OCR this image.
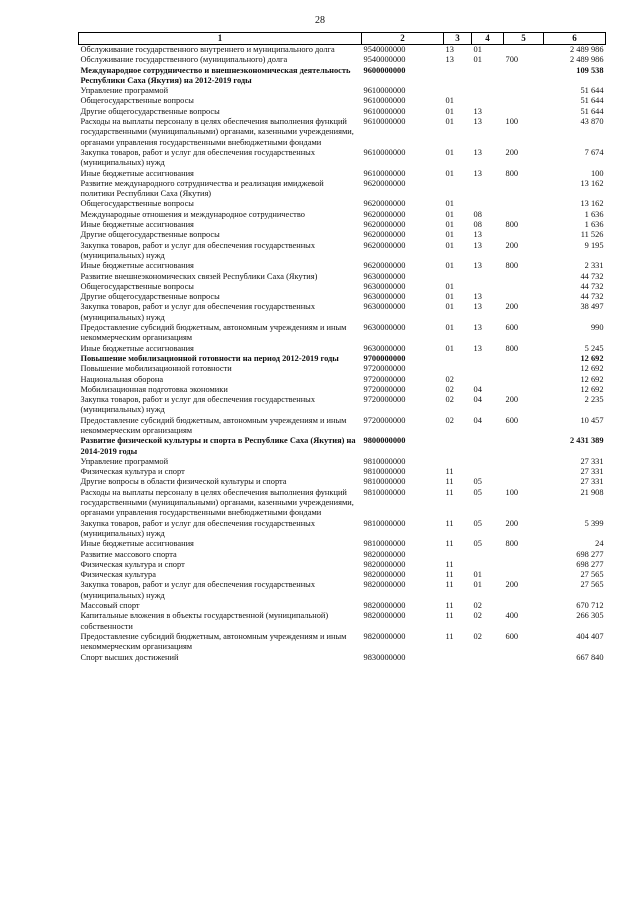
28
1	2	3	4	5	6
Обслуживание государственного внутреннего и муниципального долга	9540000000	13	01		2 489 986
Обслуживание государственного (муниципального) долга	9540000000	13	01	700	2 489 986
Международное сотрудничество и внешнеэкономическая деятельность Республики Саха (Якутия) на 2012-2019 годы	9600000000				109 538
Управление программой	9610000000				51 644
Общегосударственные вопросы	9610000000	01			51 644
Другие общегосударственные вопросы	9610000000	01	13		51 644
Расходы на выплаты персоналу в целях обеспечения выполнения функций государственными (муниципальными) органами, казенными учреждениями, органами управления государственными внебюджетными фондами	9610000000	01	13	100	43 870
Закупка товаров, работ и услуг для обеспечения государственных (муниципальных) нужд	9610000000	01	13	200	7 674
Иные бюджетные ассигнования	9610000000	01	13	800	100
Развитие международного сотрудничества и реализация имиджевой политики Республики Саха (Якутия)	9620000000				13 162
Общегосударственные вопросы	9620000000	01			13 162
Международные отношения и международное сотрудничество	9620000000	01	08		1 636
Иные бюджетные ассигнования	9620000000	01	08	800	1 636
Другие общегосударственные вопросы	9620000000	01	13		11 526
Закупка товаров, работ и услуг для обеспечения государственных (муниципальных) нужд	9620000000	01	13	200	9 195
Иные бюджетные ассигнования	9620000000	01	13	800	2 331
Развитие внешнеэкономических связей Республики Саха (Якутия)	9630000000				44 732
Общегосударственные вопросы	9630000000	01			44 732
Другие общегосударственные вопросы	9630000000	01	13		44 732
Закупка товаров, работ и услуг для обеспечения государственных (муниципальных) нужд	9630000000	01	13	200	38 497
Предоставление субсидий бюджетным, автономным учреждениям и иным некоммерческим организациям	9630000000	01	13	600	990
Иные бюджетные ассигнования	9630000000	01	13	800	5 245
Повышение мобилизационной готовности на период 2012-2019 годы	9700000000				12 692
Повышение мобилизационной готовности	9720000000				12 692
Национальная оборона	9720000000	02			12 692
Мобилизационная подготовка экономики	9720000000	02	04		12 692
Закупка товаров, работ и услуг для обеспечения государственных (муниципальных) нужд	9720000000	02	04	200	2 235
Предоставление субсидий бюджетным, автономным учреждениям и иным некоммерческим организациям	9720000000	02	04	600	10 457
Развитие физической культуры и спорта в Республике Саха (Якутия) на 2014-2019 годы	9800000000				2 431 389
Управление программой	9810000000				27 331
Физическая культура и спорт	9810000000	11			27 331
Другие вопросы в области физической культуры и спорта	9810000000	11	05		27 331
Расходы на выплаты персоналу в целях обеспечения выполнения функций государственными (муниципальными) органами, казенными учреждениями, органами управления государственными внебюджетными фондами	9810000000	11	05	100	21 908
Закупка товаров, работ и услуг для обеспечения государственных (муниципальных) нужд	9810000000	11	05	200	5 399
Иные бюджетные ассигнования	9810000000	11	05	800	24
Развитие массового спорта	9820000000				698 277
Физическая культура и спорт	9820000000	11			698 277
Физическая культура	9820000000	11	01		27 565
Закупка товаров, работ и услуг для обеспечения государственных (муниципальных) нужд	9820000000	11	01	200	27 565
Массовый спорт	9820000000	11	02		670 712
Капитальные вложения в объекты государственной (муниципальной) собственности	9820000000	11	02	400	266 305
Предоставление субсидий бюджетным, автономным учреждениям и иным некоммерческим организациям	9820000000	11	02	600	404 407
Спорт высших достижений	9830000000				667 840
